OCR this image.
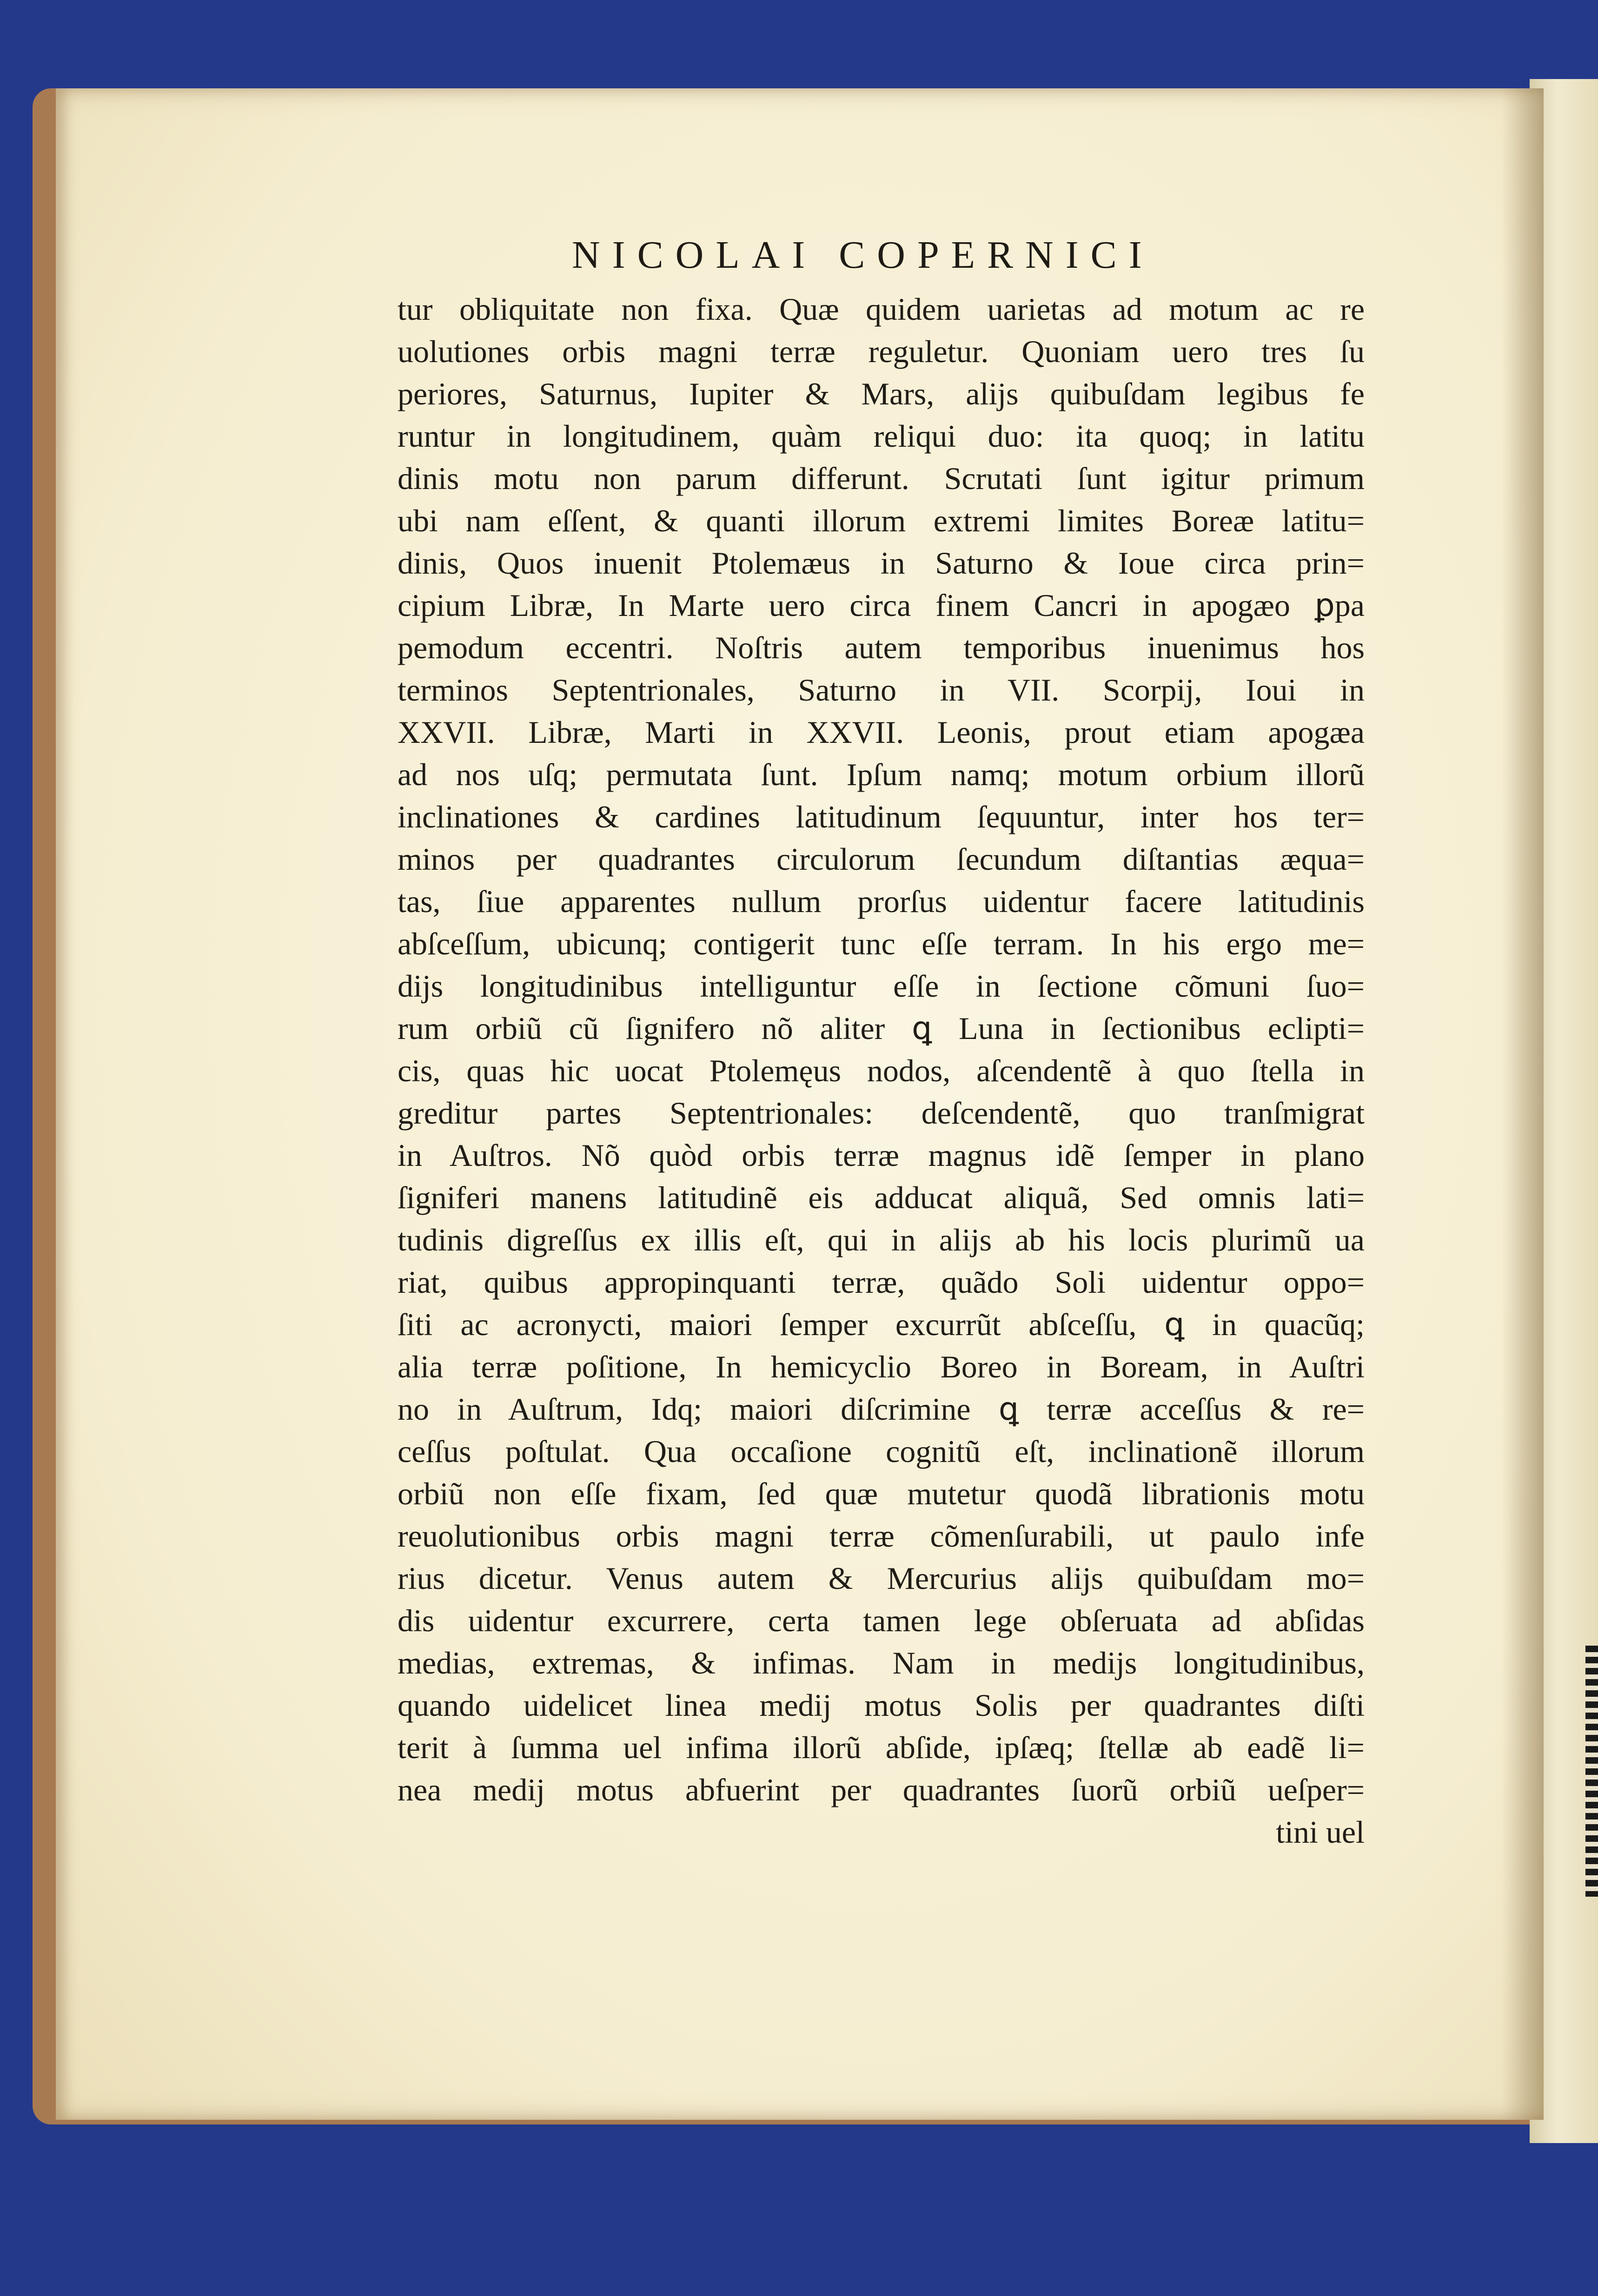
NICOLAI COPERNICI
tur obliquitate non fixa. Quæ quidem uarietas ad motum ac re
uolutiones orbis magni terræ reguletur. Quoniam uero tres ſu
periores, Saturnus, Iupiter & Mars, alijs quibuſdam legibus fe
runtur in longitudinem, quàm reliqui duo: ita quoq; in latitu
dinis motu non parum differunt. Scrutati ſunt igitur primum
ubi nam eſſent, & quanti illorum extremi limites Boreæ latitu=
dinis, Quos inuenit Ptolemæus in Saturno & Ioue circa prin=
cipium Libræ, In Marte uero circa finem Cancri in apogæo ꝑpa
pemodum eccentri. Noſtris autem temporibus inuenimus hos
terminos Septentrionales, Saturno in VII. Scorpij, Ioui in
XXVII. Libræ, Marti in XXVII. Leonis, prout etiam apogæa
ad nos uſq; permutata ſunt. Ipſum namq; motum orbium illorũ
inclinationes & cardines latitudinum ſequuntur, inter hos ter=
minos per quadrantes circulorum ſecundum diſtantias æqua=
tas, ſiue apparentes nullum prorſus uidentur facere latitudinis
abſceſſum, ubicunq; contigerit tunc eſſe terram. In his ergo me=
dijs longitudinibus intelliguntur eſſe in ſectione cõmuni ſuo=
rum orbiũ cũ ſignifero nõ aliter ꝗ Luna in ſectionibus eclipti=
cis, quas hic uocat Ptolemęus nodos, aſcendentẽ à quo ſtella in
greditur partes Septentrionales: deſcendentẽ, quo tranſmigrat
in Auſtros. Nõ quòd orbis terræ magnus idẽ ſemper in plano
ſigniferi manens latitudinẽ eis adducat aliquã, Sed omnis lati=
tudinis digreſſus ex illis eſt, qui in alijs ab his locis plurimũ ua
riat, quibus appropinquanti terræ, quãdo Soli uidentur oppo=
ſiti ac acronycti, maiori ſemper excurrũt abſceſſu, ꝗ in quacũq;
alia terræ poſitione, In hemicyclio Boreo in Boream, in Auſtri
no in Auſtrum, Idq; maiori diſcrimine ꝗ terræ acceſſus & re=
ceſſus poſtulat. Qua occaſione cognitũ eſt, inclinationẽ illorum
orbiũ non eſſe fixam, ſed quæ mutetur quodã librationis motu
reuolutionibus orbis magni terræ cõmenſurabili, ut paulo infe
rius dicetur. Venus autem & Mercurius alijs quibuſdam mo=
dis uidentur excurrere, certa tamen lege obſeruata ad abſidas
medias, extremas, & infimas. Nam in medijs longitudinibus,
quando uidelicet linea medij motus Solis per quadrantes diſti
terit à ſumma uel infima illorũ abſide, ipſæq; ſtellæ ab eadẽ li=
nea medij motus abfuerint per quadrantes ſuorũ orbiũ ueſper=
tini uel
